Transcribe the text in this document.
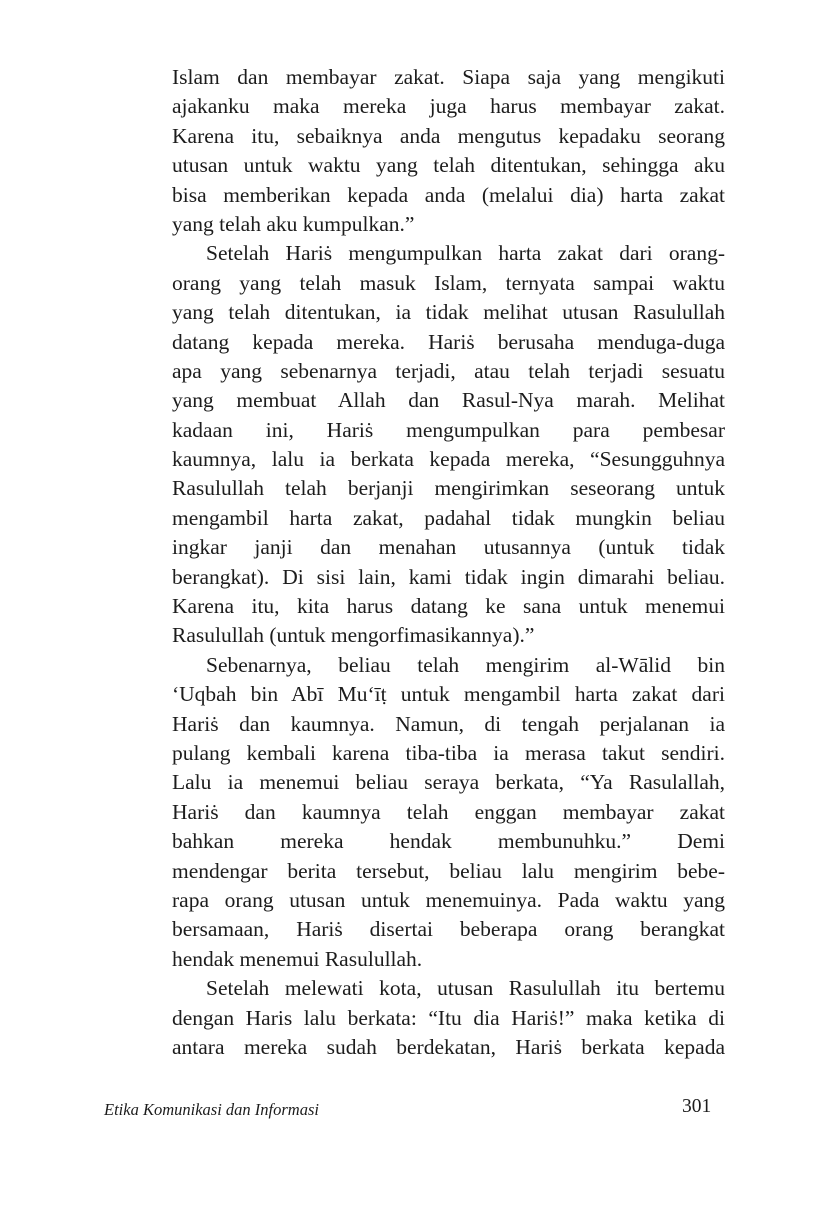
Islam dan membayar zakat. Siapa saja yang mengikuti
ajakanku maka mereka juga harus membayar zakat.
Karena itu, sebaiknya anda mengutus kepadaku seorang
utusan untuk waktu yang telah ditentukan, sehingga aku
bisa memberikan kepada anda (melalui dia) harta zakat
yang telah aku kumpulkan.”
Setelah Hariṡ mengumpulkan harta zakat dari orang-
orang yang telah masuk Islam, ternyata sampai waktu
yang telah ditentukan, ia tidak melihat utusan Rasulullah
datang kepada mereka. Hariṡ berusaha menduga-duga
apa yang sebenarnya terjadi, atau telah terjadi sesuatu
yang membuat Allah dan Rasul-Nya marah. Melihat
kadaan ini, Hariṡ mengumpulkan para pembesar
kaumnya, lalu ia berkata kepada mereka, “Sesungguhnya
Rasulullah telah berjanji mengirimkan seseorang untuk
mengambil harta zakat, padahal tidak mungkin beliau
ingkar janji dan menahan utusannya (untuk tidak
berangkat). Di sisi lain, kami tidak ingin dimarahi beliau.
Karena itu, kita harus datang ke sana untuk menemui
Rasulullah (untuk mengorfimasikannya).”
Sebenarnya, beliau telah mengirim al-Wālid bin
‘Uqbah bin Abī Mu‘īṭ untuk mengambil harta zakat dari
Hariṡ dan kaumnya. Namun, di tengah perjalanan ia
pulang kembali karena tiba-tiba ia merasa takut sendiri.
Lalu ia menemui beliau seraya berkata, “Ya Rasulallah,
Hariṡ dan kaumnya telah enggan membayar zakat
bahkan mereka hendak membunuhku.” Demi
mendengar berita tersebut, beliau lalu mengirim bebe-
rapa orang utusan untuk menemuinya. Pada waktu yang
bersamaan, Hariṡ disertai beberapa orang berangkat
hendak menemui Rasulullah.
Setelah melewati kota, utusan Rasulullah itu bertemu
dengan Haris lalu berkata: “Itu dia Hariṡ!” maka ketika di
antara mereka sudah berdekatan, Hariṡ berkata kepada
Etika Komunikasi dan Informasi	301
